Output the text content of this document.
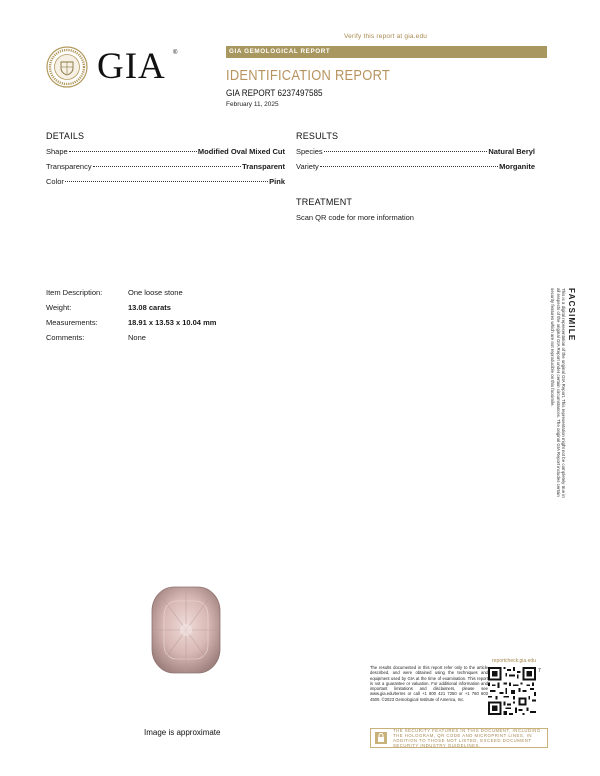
Verify this report at gia.edu
GIA ®	GIA GEMOLOGICAL REPORT
IDENTIFICATION REPORT
GIA REPORT 6237497585
February 11, 2025
DETAILS
Shape	Modified Oval Mixed Cut
Transparency	Transparent
Color	Pink
RESULTS
Species	Natural Beryl
Variety	Morganite
TREATMENT
Scan QR code for more information
Item Description:	One loose stone
Weight:	13.08 carats
Measurements:	18.91 x 13.53 x 10.04 mm
Comments:	None	FACSIMILE
This is a digital representation of the original GIA Report. This representation might not be completely true in all respects of the original GIA Report under certain circumstances. The original GIA Report includes certain security features which are not reproducible on this facsimile.
Image is approximate
The results documented in this report refer only to the article described, and were obtained using the techniques and equipment used by GIA at the time of examination. This report is not a guarantee or valuation. For additional information and important limitations and disclaimers, please see www.gia.edu/terms or call +1 800 421 7250 or +1 760 603 4500. ©2023 Gemological Institute of America, Inc.
reportcheck.gia.edu
7
THE SECURITY FEATURES IN THIS DOCUMENT, INCLUDING THE HOLOGRAM, QR CODE AND MICROPRINT LINES, IN ADDITION TO THOSE NOT LISTED, EXCEED DOCUMENT SECURITY INDUSTRY GUIDELINES.
